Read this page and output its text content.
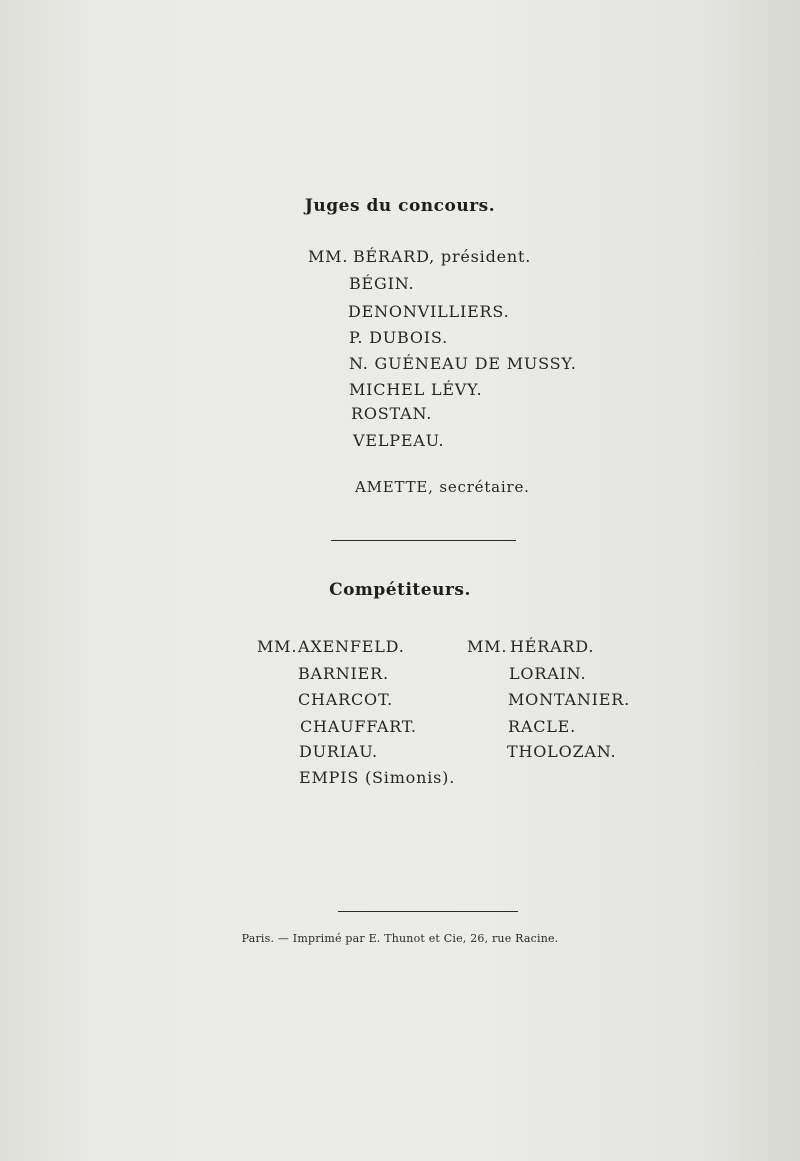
Juges du concours.
MM. BÉRARD, président.
BÉGIN.
DENONVILLIERS.
P. DUBOIS.
N. GUÉNEAU DE MUSSY.
MICHEL LÉVY.
ROSTAN.
VELPEAU.
AMETTE, secrétaire.
Compétiteurs.
MM. AXENFELD.
BARNIER.
CHARCOT.
CHAUFFART.
DURIAU.
EMPIS (Simonis).
MM. HÉRARD.
LORAIN.
MONTANIER.
RACLE.
THOLOZAN.
Paris. — Imprimé par E. Thunot et Cie, 26, rue Racine.
